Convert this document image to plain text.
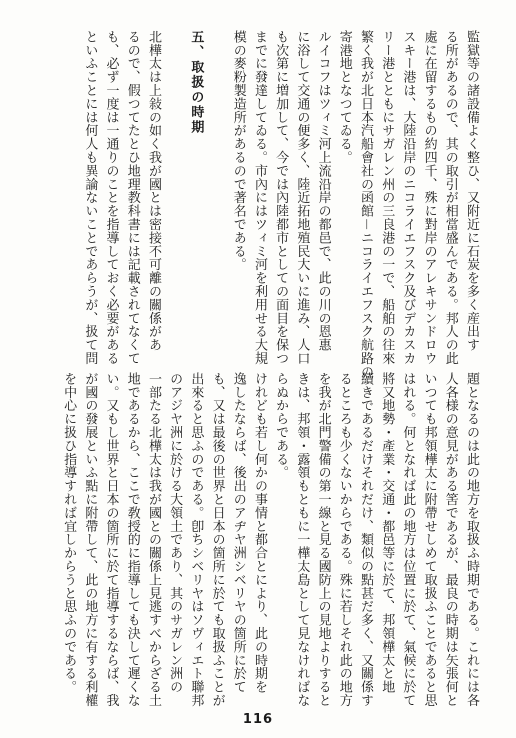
監獄等の諸設備よく整ひ、又附近に石炭を多く産出す
る所があるので、其の取引が相當盛んである。邦人の此
處に在留するもの約四千、殊に對岸のアレキサンドロウ
スキー港は、大陸沿岸のニコライエフスク及びデカスカ
リー港とともにサガレン州の三良港の一で、船舶の往來
繁く我が北日本汽船會社の函館－ニコライエフスク航路の
寄港地となつてゐる。
ルイコフはツィミ河上流沿岸の都邑で、此の川の恩惠
に浴して交通の便多く、陸近拓地殖民大いに進み、人口
も次第に増加して、今では內陸都市としての面目を保つ
までに發達してゐる。市內にはツィミ河を利用せる大規
模の麥粉製造所があるので著名である。

五、取扱の時期

北樺太は上敍の如く我が國とは密接不可離の關係があ
るので、假つてたとひ地理教科書には記載されてなくて
も、必ず一度は一通りのことを指導しておく必要がある
といふことには何人も異論ないことであらうが、扱て問
題となるのは此の地方を取扱ふ時期である。これには各
人各様の意見がある筈であるが、最良の時期は矢張何と
いつても邦領樺太に附帶せしめて取扱ふことであると思
はれる。何となれば此の地方は位置に於て、氣候に於て
將又地勢・產業・交通・都邑等に於て、邦領樺太と地
續きであるだけそれだけ、類似の點甚だ多く、又關係す
るところも少くないからである。殊に若しそれ此の地方
を我が北門警備の第一線と見る國防上の見地よりすると
きは、邦領・露領もともに一樺太島として見なければな
らぬからである。
けれども若し何かの事情と都合とにより、此の時期を
逸したならば、後出のアヂヤ洲シベリヤの箇所に於て
も、又は最後の世界と日本の箇所に於ても取扱ふことが
出來ると思ふのである。卽ちシベリヤはソヴィエト聯邦
のアジヤ洲に於ける大領土であり、其のサガレン洲の
一部たる北樺太は我が國との關係上見逃すべからざる土
地であるから、ここで敎授的に指導しても決して遲くな
い。又もし世界と日本の箇所に於て指導するならば、我
が國の發展といふ點に附帶して、此の地方に有する利權
を中心に扱ひ指導すれば宜しからうと思ふのである。
116
